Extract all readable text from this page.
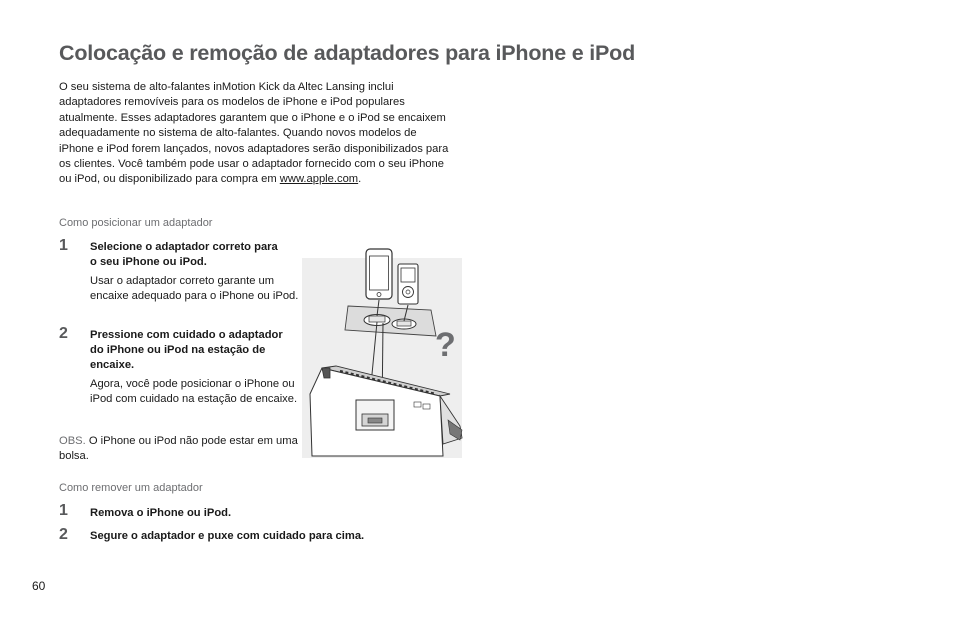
Colocação e remoção de adaptadores para iPhone e iPod

O seu sistema de alto-falantes inMotion Kick da Altec Lansing inclui adaptadores removíveis para os modelos de iPhone e iPod populares atualmente. Esses adaptadores garantem que o iPhone e o iPod se encaixem adequadamente no sistema de alto-falantes. Quando novos modelos de iPhone e iPod forem lançados, novos adaptadores serão disponibilizados para os clientes. Você também pode usar o adaptador fornecido com o seu iPhone ou iPod, ou disponibilizado para compra em www.apple.com.

Como posicionar um adaptador

1 Selecione o adaptador correto para o seu iPhone ou iPod.

Usar o adaptador correto garante um encaixe adequado para o iPhone ou iPod.

2 Pressione com cuidado o adaptador do iPhone ou iPod na estação de encaixe.

Agora, você pode posicionar o iPhone ou iPod com cuidado na estação de encaixe.

OBS. O iPhone ou iPod não pode estar em uma bolsa.

Como remover um adaptador

1 Remova o iPhone ou iPod.

2 Segure o adaptador e puxe com cuidado para cima.

60
?
